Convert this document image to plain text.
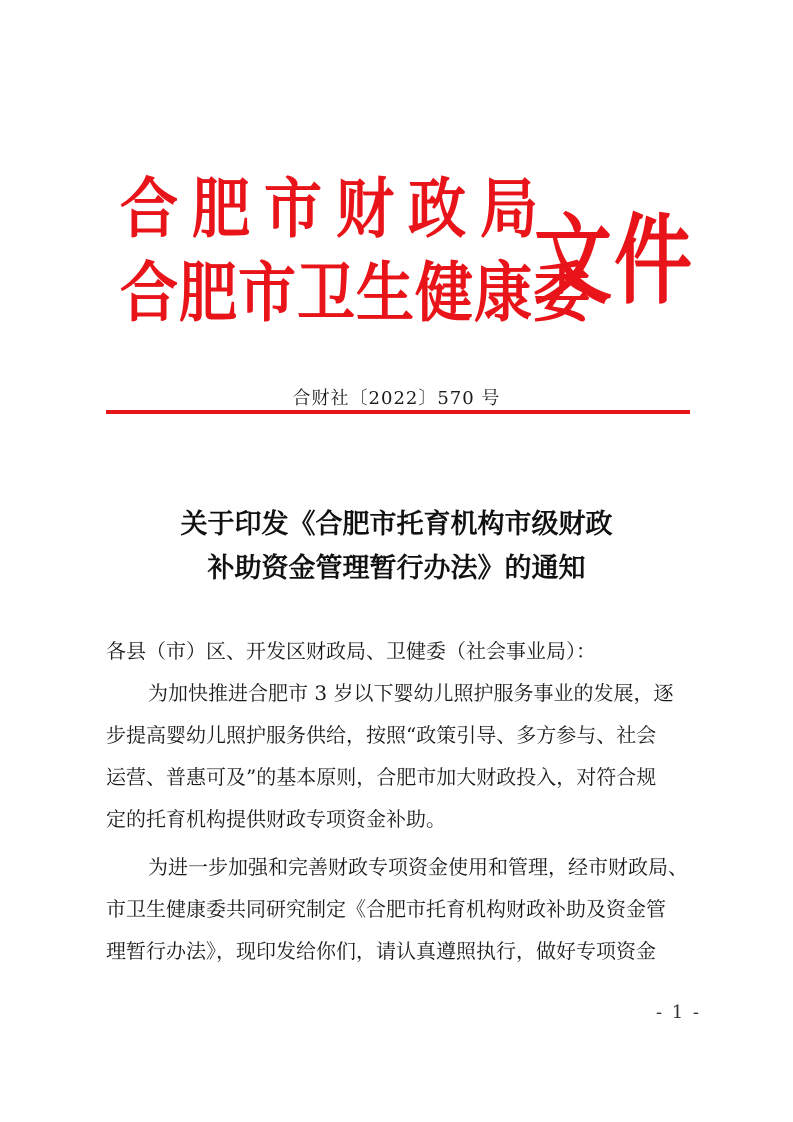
合肥市财政局
合肥市卫生健康委
文件
合财社〔2022〕570 号
关于印发《合肥市托育机构市级财政
补助资金管理暂行办法》的通知
各县（市）区、开发区财政局、卫健委（社会事业局）：
为加快推进合肥市 3 岁以下婴幼儿照护服务事业的发展，逐
步提高婴幼儿照护服务供给，按照“政策引导、多方参与、社会
运营、普惠可及”的基本原则，合肥市加大财政投入，对符合规
定的托育机构提供财政专项资金补助。
为进一步加强和完善财政专项资金使用和管理，经市财政局、
市卫生健康委共同研究制定《合肥市托育机构财政补助及资金管
理暂行办法》，现印发给你们，请认真遵照执行，做好专项资金
- 1 -
